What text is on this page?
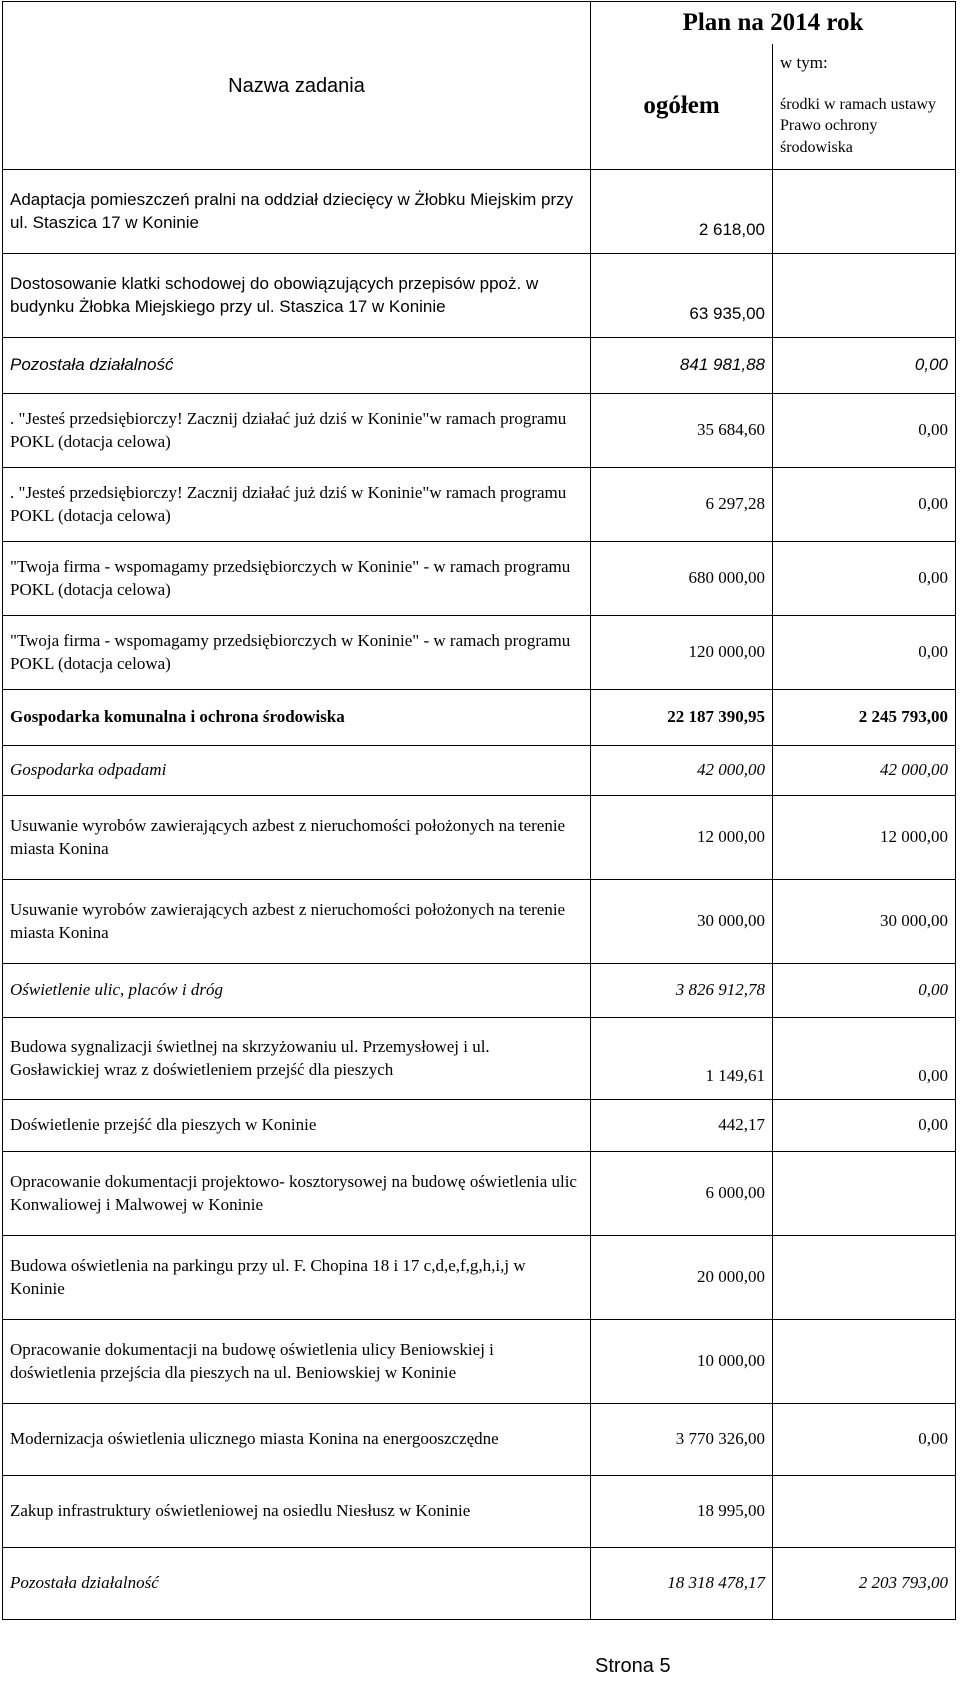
Nazwa zadania	Plan na 2014 rok	
	ogółem	w tym:
		środki w ramach ustawy Prawo ochrony środowiska
Adaptacja pomieszczeń pralni na oddział dziecięcy w Żłobku Miejskim przy ul. Staszica 17 w Koninie	2 618,00	
Dostosowanie klatki schodowej do obowiązujących przepisów ppoż. w budynku Żłobka Miejskiego przy ul. Staszica 17 w Koninie	63 935,00	
Pozostała działalność	841 981,88	0,00
. "Jesteś przedsiębiorczy! Zacznij działać już dziś w Koninie"w ramach programu POKL (dotacja celowa)	35 684,60	0,00
. "Jesteś przedsiębiorczy! Zacznij działać już dziś w Koninie"w ramach programu POKL (dotacja celowa)	6 297,28	0,00
"Twoja firma - wspomagamy przedsiębiorczych w Koninie" - w ramach programu POKL (dotacja celowa)	680 000,00	0,00
"Twoja firma - wspomagamy przedsiębiorczych w Koninie" - w ramach programu POKL (dotacja celowa)	120 000,00	0,00
Gospodarka komunalna i ochrona środowiska	22 187 390,95	2 245 793,00
Gospodarka odpadami	42 000,00	42 000,00
Usuwanie wyrobów zawierających azbest z nieruchomości położonych na terenie miasta Konina	12 000,00	12 000,00
Usuwanie wyrobów zawierających azbest z nieruchomości położonych na terenie miasta Konina	30 000,00	30 000,00
Oświetlenie ulic, placów i dróg	3 826 912,78	0,00
Budowa sygnalizacji świetlnej na skrzyżowaniu ul. Przemysłowej i ul. Gosławickiej wraz z doświetleniem przejść dla pieszych	1 149,61	0,00
Doświetlenie przejść dla pieszych w Koninie	442,17	0,00
Opracowanie dokumentacji projektowo- kosztorysowej na budowę oświetlenia ulic Konwaliowej i Malwowej w Koninie	6 000,00	
Budowa oświetlenia na parkingu przy ul. F. Chopina 18 i 17 c,d,e,f,g,h,i,j w Koninie	20 000,00	
Opracowanie dokumentacji na budowę oświetlenia ulicy Beniowskiej i doświetlenia przejścia dla pieszych na ul. Beniowskiej w Koninie	10 000,00	
Modernizacja oświetlenia ulicznego miasta Konina na energooszczędne	3 770 326,00	0,00
Zakup infrastruktury oświetleniowej na osiedlu Niesłusz w Koninie	18 995,00	
Pozostała działalność	18 318 478,17	2 203 793,00
Strona 5
